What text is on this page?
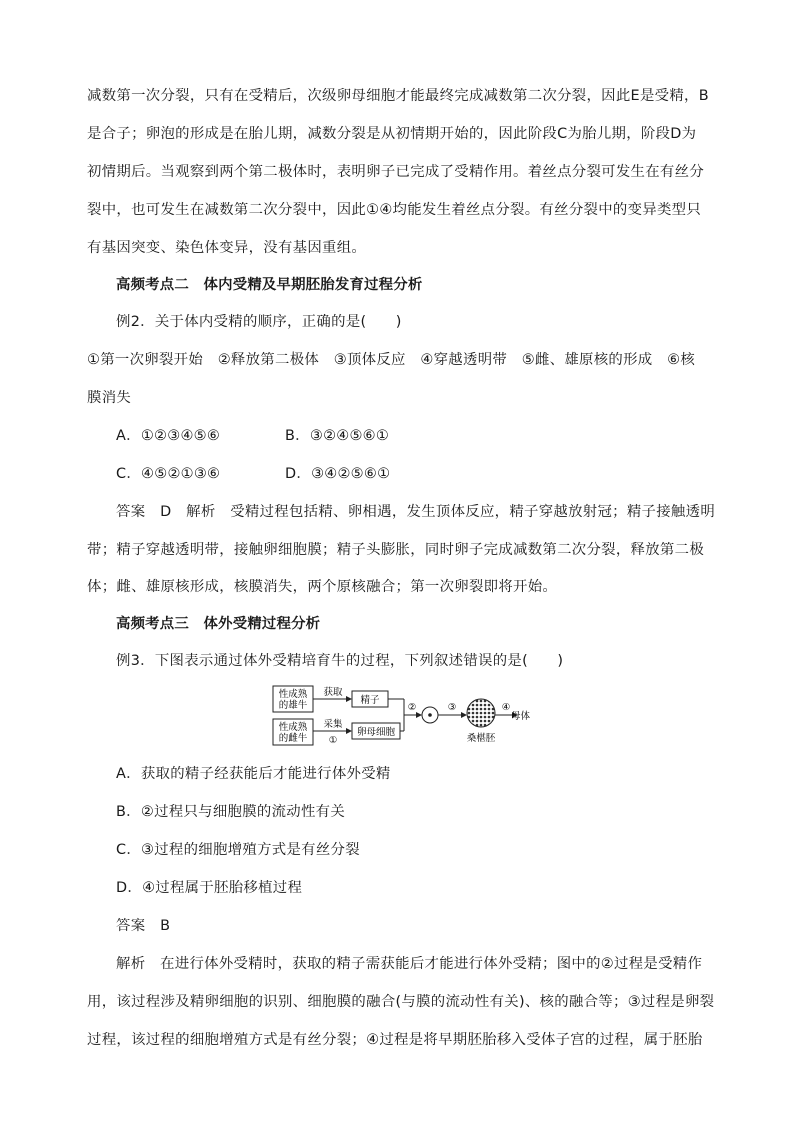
减数第一次分裂，只有在受精后，次级卵母细胞才能最终完成减数第二次分裂，因此E是受精，B
是合子；卵泡的形成是在胎儿期，减数分裂是从初情期开始的，因此阶段C为胎儿期，阶段D为
初情期后。当观察到两个第二极体时，表明卵子已完成了受精作用。着丝点分裂可发生在有丝分
裂中，也可发生在减数第二次分裂中，因此①④均能发生着丝点分裂。有丝分裂中的变异类型只
有基因突变、染色体变异，没有基因重组。
高频考点二　体内受精及早期胚胎发育过程分析
例2．关于体内受精的顺序，正确的是(　　)
①第一次卵裂开始　②释放第二极体　③顶体反应　④穿越透明带　⑤雌、雄原核的形成　⑥核
膜消失
A．①②③④⑤⑥	B．③②④⑤⑥①
C．④⑤②①③⑥	D．③④②⑤⑥①
答案　D　解析　受精过程包括精、卵相遇，发生顶体反应，精子穿越放射冠；精子接触透明
带；精子穿越透明带，接触卵细胞膜；精子头膨胀，同时卵子完成减数第二次分裂，释放第二极
体；雌、雄原核形成，核膜消失，两个原核融合；第一次卵裂即将开始。
高频考点三　体外受精过程分析
例3．下图表示通过体外受精培育牛的过程，下列叙述错误的是(　　)
性成熟
的雄牛
性成熟
的雌牛
获取
采集
①
精子
卵母细胞
②	③
桑椹胚
④
母体
A．获取的精子经获能后才能进行体外受精
B．②过程只与细胞膜的流动性有关
C．③过程的细胞增殖方式是有丝分裂
D．④过程属于胚胎移植过程
答案　B
解析　在进行体外受精时，获取的精子需获能后才能进行体外受精；图中的②过程是受精作
用，该过程涉及精卵细胞的识别、细胞膜的融合(与膜的流动性有关)、核的融合等；③过程是卵裂
过程，该过程的细胞增殖方式是有丝分裂；④过程是将早期胚胎移入受体子宫的过程，属于胚胎
